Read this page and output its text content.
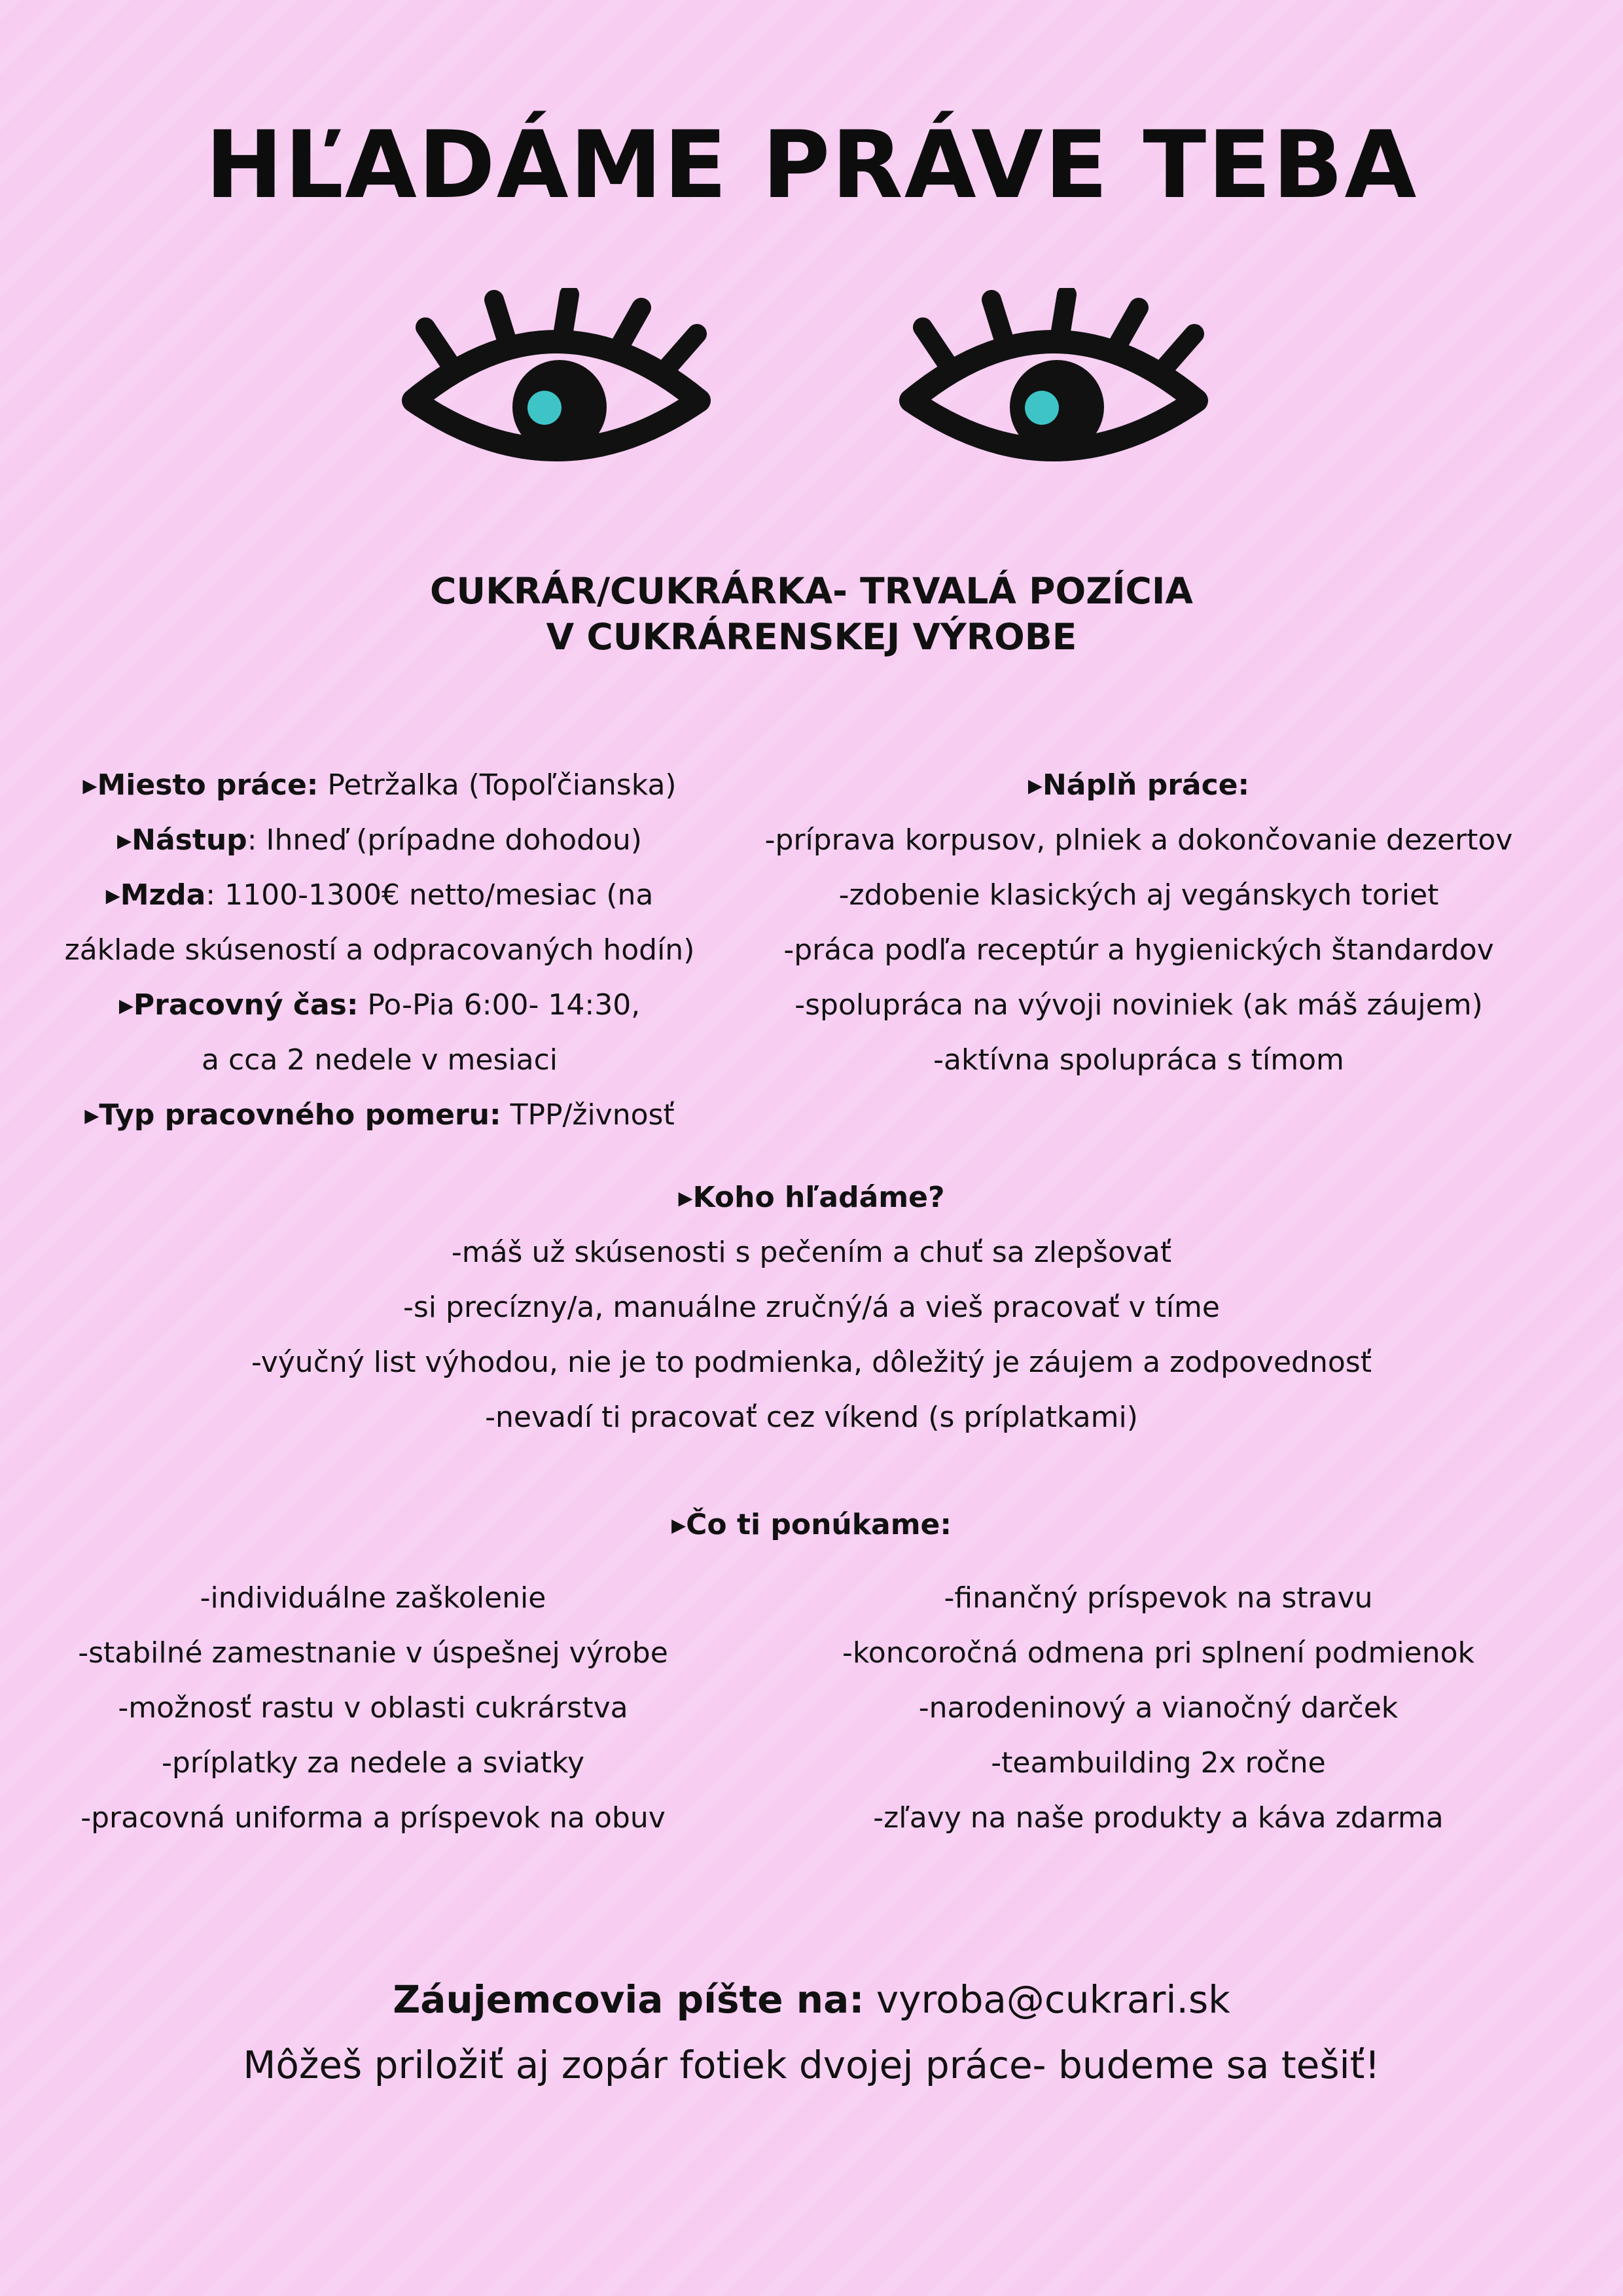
HĽADÁME PRÁVE TEBA
CUKRÁR/CUKRÁRKA- TRVALÁ POZÍCIA
V CUKRÁRENSKEJ VÝROBE
▸Miesto práce: Petržalka (Topoľčianska)
▸Nástup: Ihneď (prípadne dohodou)
▸Mzda: 1100-1300€ netto/mesiac (na
základe skúseností a odpracovaných hodín)
▸Pracovný čas: Po-Pia 6:00- 14:30,
a cca 2 nedele v mesiaci
▸Typ pracovného pomeru: TPP/živnosť
▸Náplň práce:
-príprava korpusov, plniek a dokončovanie dezertov
-zdobenie klasických aj vegánskych toriet
-práca podľa receptúr a hygienických štandardov
-spolupráca na vývoji noviniek (ak máš záujem)
-aktívna spolupráca s tímom
▸Koho hľadáme?
-máš už skúsenosti s pečením a chuť sa zlepšovať
-si precízny/a, manuálne zručný/á a vieš pracovať v tíme
-výučný list výhodou, nie je to podmienka, dôležitý je záujem a zodpovednosť
-nevadí ti pracovať cez víkend (s príplatkami)
▸Čo ti ponúkame:
-individuálne zaškolenie
-stabilné zamestnanie v úspešnej výrobe
-možnosť rastu v oblasti cukrárstva
-príplatky za nedele a sviatky
-pracovná uniforma a príspevok na obuv
-finančný príspevok na stravu
-koncoročná odmena pri splnení podmienok
-narodeninový a vianočný darček
-teambuilding 2x ročne
-zľavy na naše produkty a káva zdarma
Záujemcovia píšte na: vyroba@cukrari.sk
Môžeš priložiť aj zopár fotiek dvojej práce- budeme sa tešiť!
